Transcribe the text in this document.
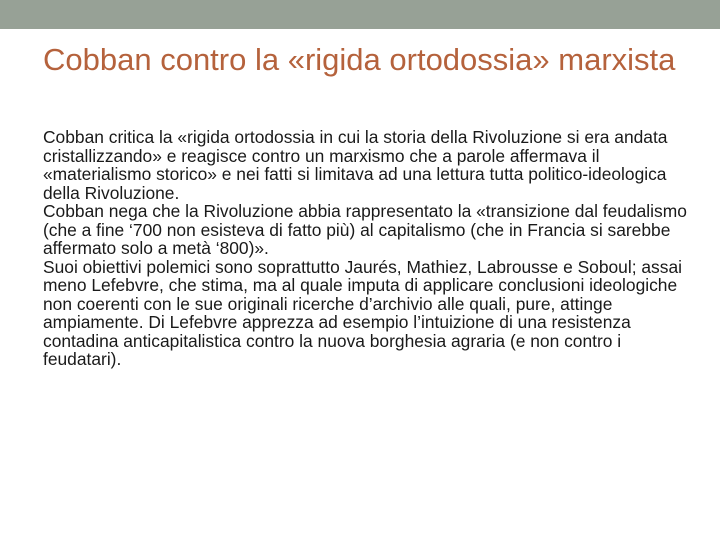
Cobban contro la «rigida ortodossia» marxista

Cobban critica la «rigida ortodossia in cui la storia della Rivoluzione si era andata cristallizzando» e reagisce contro un marxismo che a parole affermava il «materialismo storico» e nei fatti si limitava ad una lettura tutta politico-ideologica della Rivoluzione.

Cobban nega che la Rivoluzione abbia rappresentato la «transizione dal feudalismo (che a fine ‘700 non esisteva di fatto più) al capitalismo (che in Francia si sarebbe affermato solo a metà ‘800)».

Suoi obiettivi polemici sono soprattutto Jaurés, Mathiez, Labrousse e Soboul; assai meno Lefebvre, che stima, ma al quale imputa di applicare conclusioni ideologiche non coerenti con le sue originali ricerche d’archivio alle quali, pure, attinge ampiamente. Di Lefebvre apprezza ad esempio l’intuizione di una resistenza contadina anticapitalistica contro la nuova borghesia agraria (e non contro i feudatari).
